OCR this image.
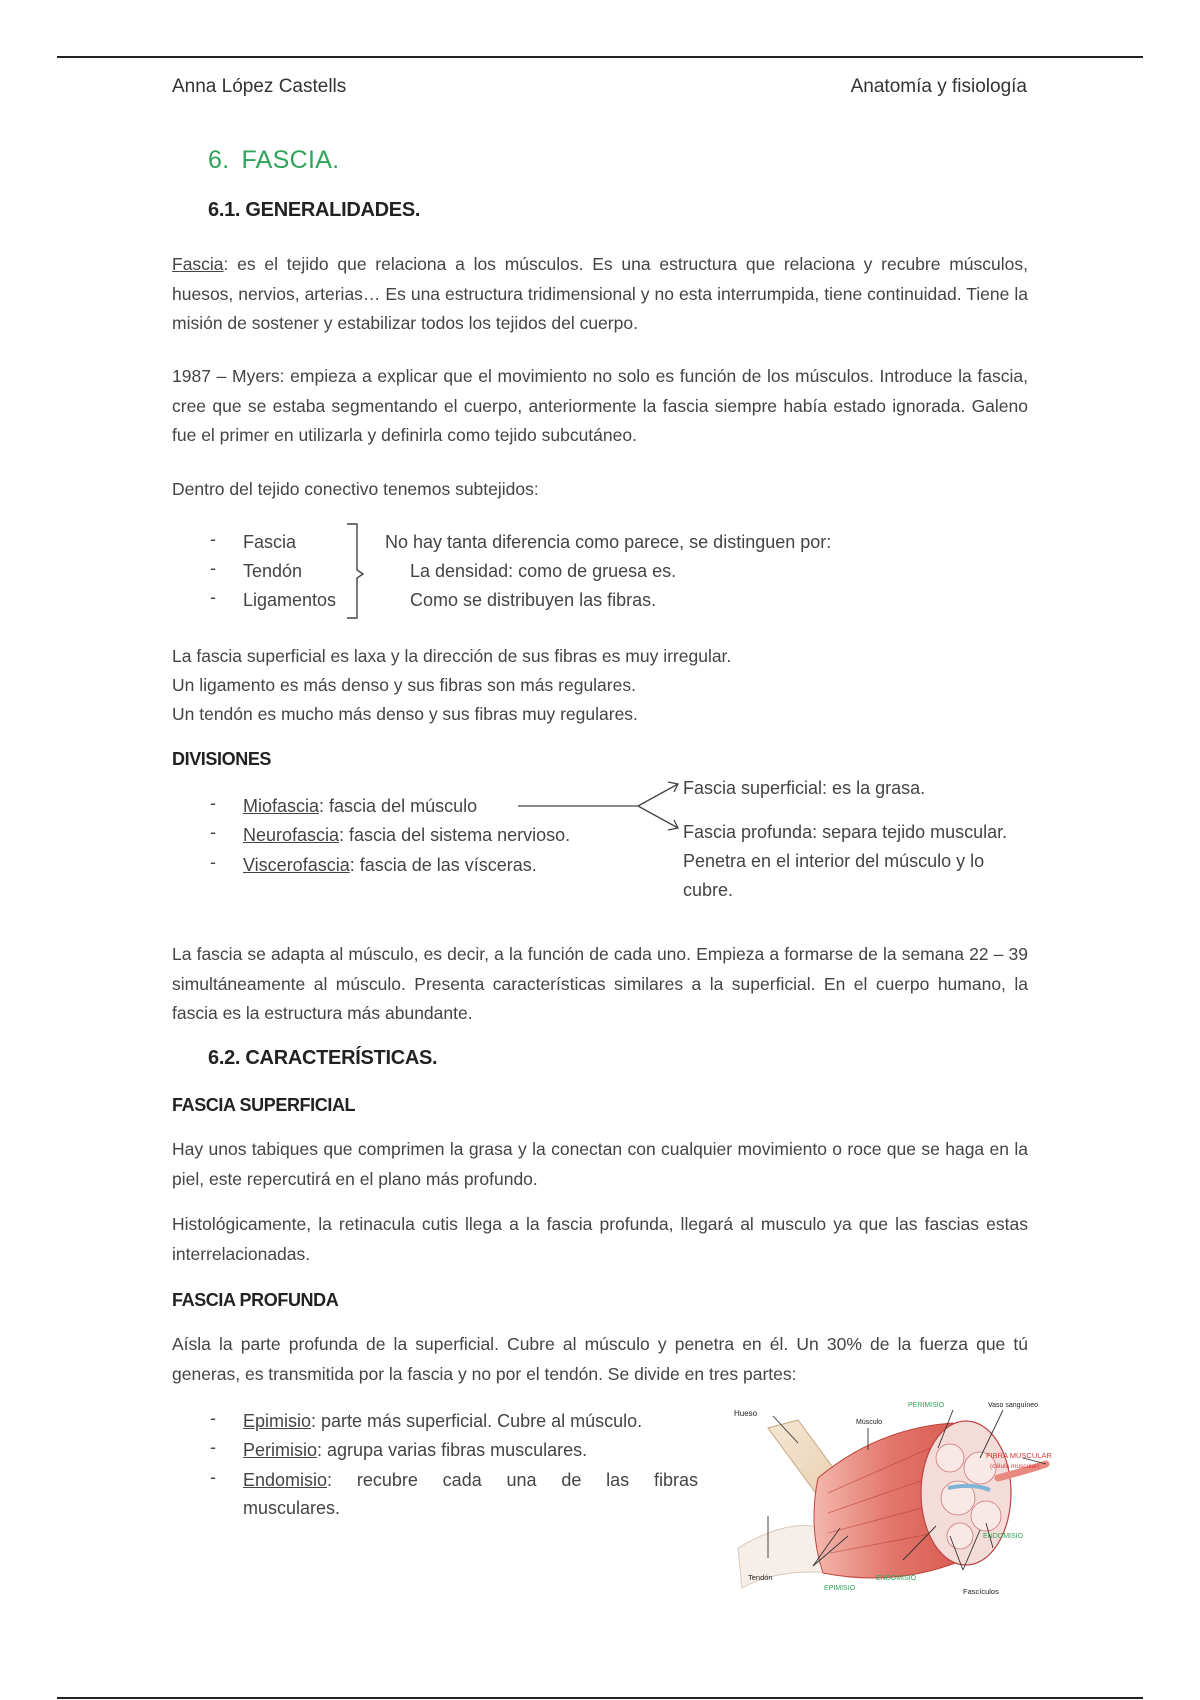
Anna López Castells	Anatomía y fisiología
6. FASCIA.
6.1. GENERALIDADES.

Fascia: es el tejido que relaciona a los músculos. Es una estructura que relaciona y recubre músculos, huesos, nervios, arterias… Es una estructura tridimensional y no esta interrumpida, tiene continuidad. Tiene la misión de sostener y estabilizar todos los tejidos del cuerpo.

1987 – Myers: empieza a explicar que el movimiento no solo es función de los músculos. Introduce la fascia, cree que se estaba segmentando el cuerpo, anteriormente la fascia siempre había estado ignorada. Galeno fue el primer en utilizarla y definirla como tejido subcutáneo.

Dentro del tejido conectivo tenemos subtejidos:

-
-
-
Fascia
Tendón
Ligamentos
No hay tanta diferencia como parece, se distinguen por:
La densidad: como de gruesa es.
Como se distribuyen las fibras.
La fascia superficial es laxa y la dirección de sus fibras es muy irregular.
Un ligamento es más denso y sus fibras son más regulares.
Un tendón es mucho más denso y sus fibras muy regulares.
DIVISIONES
-
-
-
Miofascia: fascia del músculo
Neurofascia: fascia del sistema nervioso.
Viscerofascia: fascia de las vísceras.
Fascia superficial: es la grasa.
Fascia profunda: separa tejido muscular.
Penetra en el interior del músculo y lo
cubre.

La fascia se adapta al músculo, es decir, a la función de cada uno. Empieza a formarse de la semana 22 – 39 simultáneamente al músculo. Presenta características similares a la superficial. En el cuerpo humano, la fascia es la estructura más abundante.

6.2. CARACTERÍSTICAS.
FASCIA SUPERFICIAL

Hay unos tabiques que comprimen la grasa y la conectan con cualquier movimiento o roce que se haga en la piel, este repercutirá en el plano más profundo.

Histológicamente, la retinacula cutis llega a la fascia profunda, llegará al musculo ya que las fascias estas interrelacionadas.

FASCIA PROFUNDA

Aísla la parte profunda de la superficial. Cubre al músculo y penetra en él. Un 30% de la fuerza que tú generas, es transmitida por la fascia y no por el tendón. Se divide en tres partes:

-
-
-
Epimisio: parte más superficial. Cubre al músculo.
Perimisio: agrupa varias fibras musculares.
Endomisio: recubre cada una de las fibras musculares.
Hueso
Músculo
PERIMISIO	Vaso sanguíneo
FIBRA MUSCULAR
(célula muscular)
ENDOMISIO
Tendón
EPIMISIO
ENDOMISIO
Fascículos
